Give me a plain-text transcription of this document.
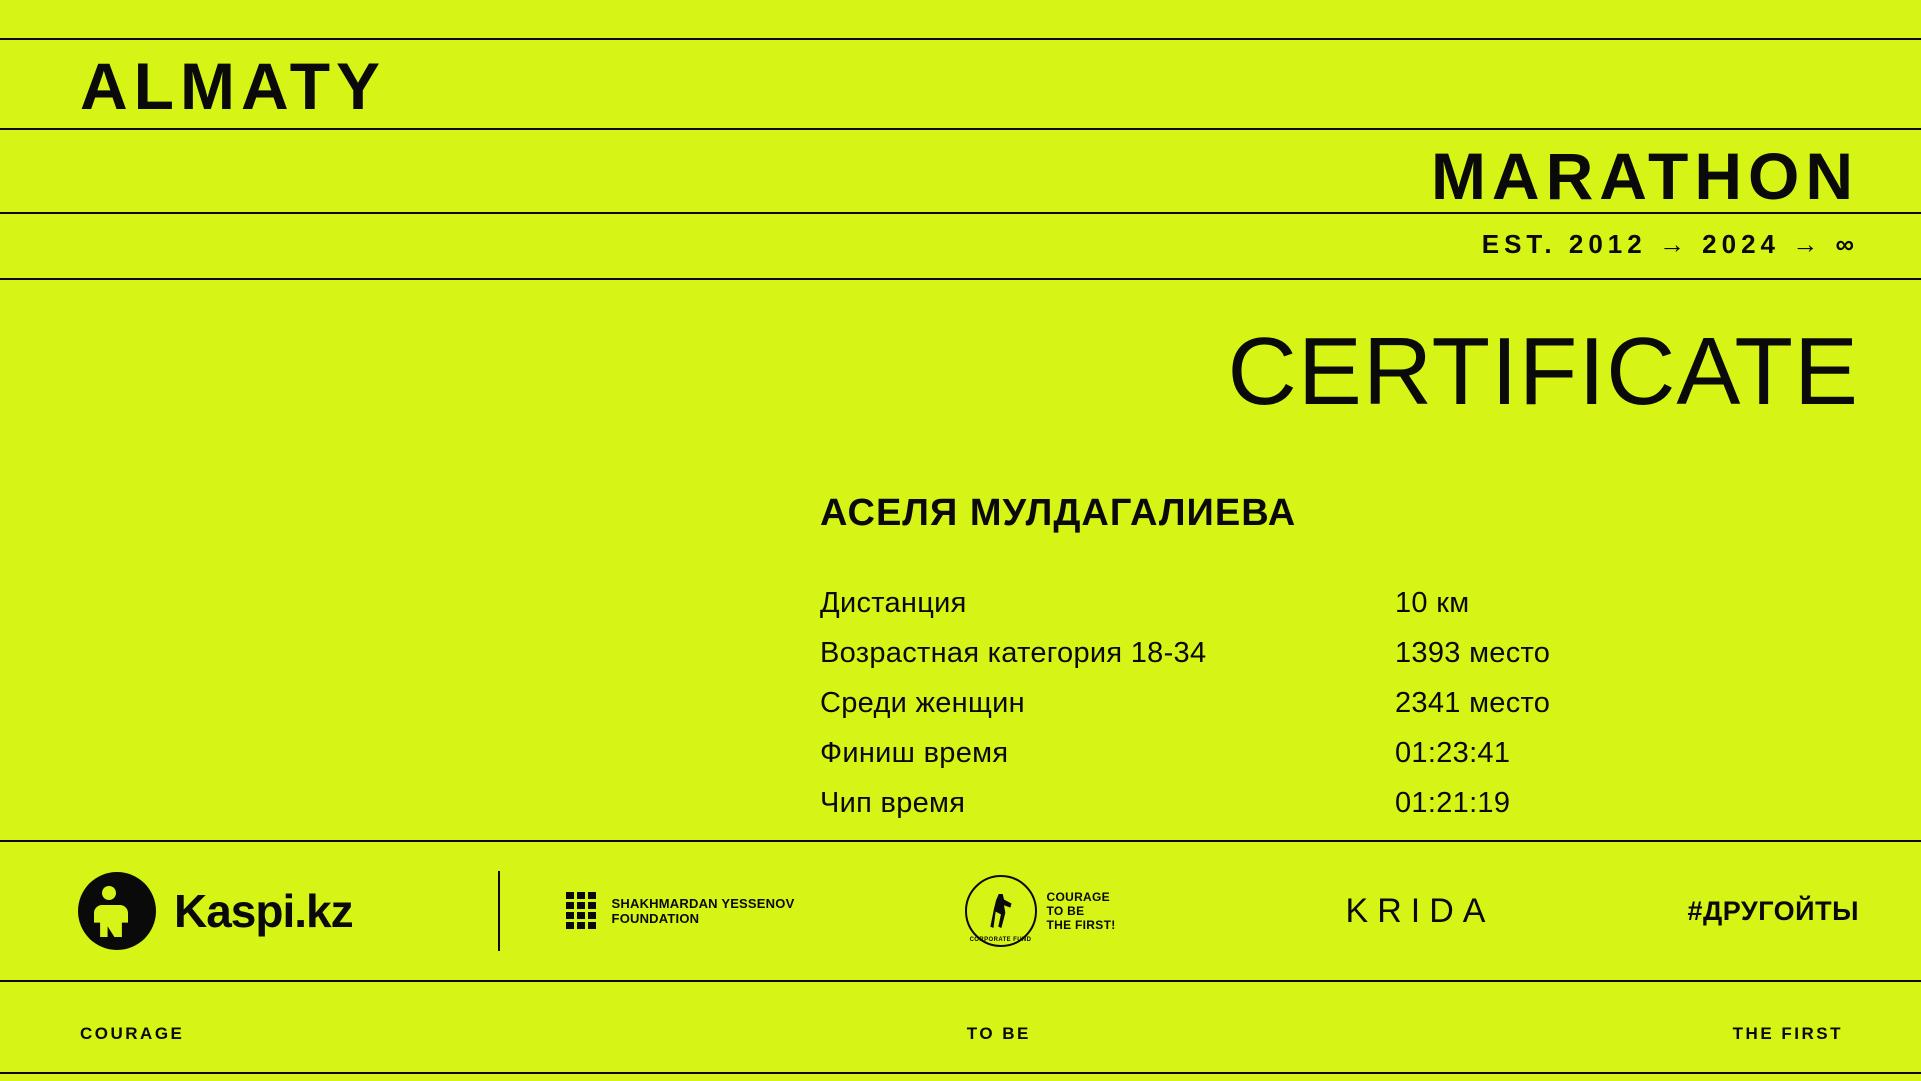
ALMATY
MARATHON
EST. 2012 → 2024 → ∞
CERTIFICATE
АСЕЛЯ МУЛДАГАЛИЕВА
Дистанция	10 км
Возрастная категория 18-34	1393 место
Среди женщин	2341 место
Финиш время	01:23:41
Чип время	01:21:19
Kaspi.kz	SHAKHMARDAN YESSENOV
FOUNDATION
CORPORATE FUND
COURAGE
TO BE
THE FIRST!	KRIDA	#ДРУГОЙТЫ
COURAGE	TO BE	THE FIRST
